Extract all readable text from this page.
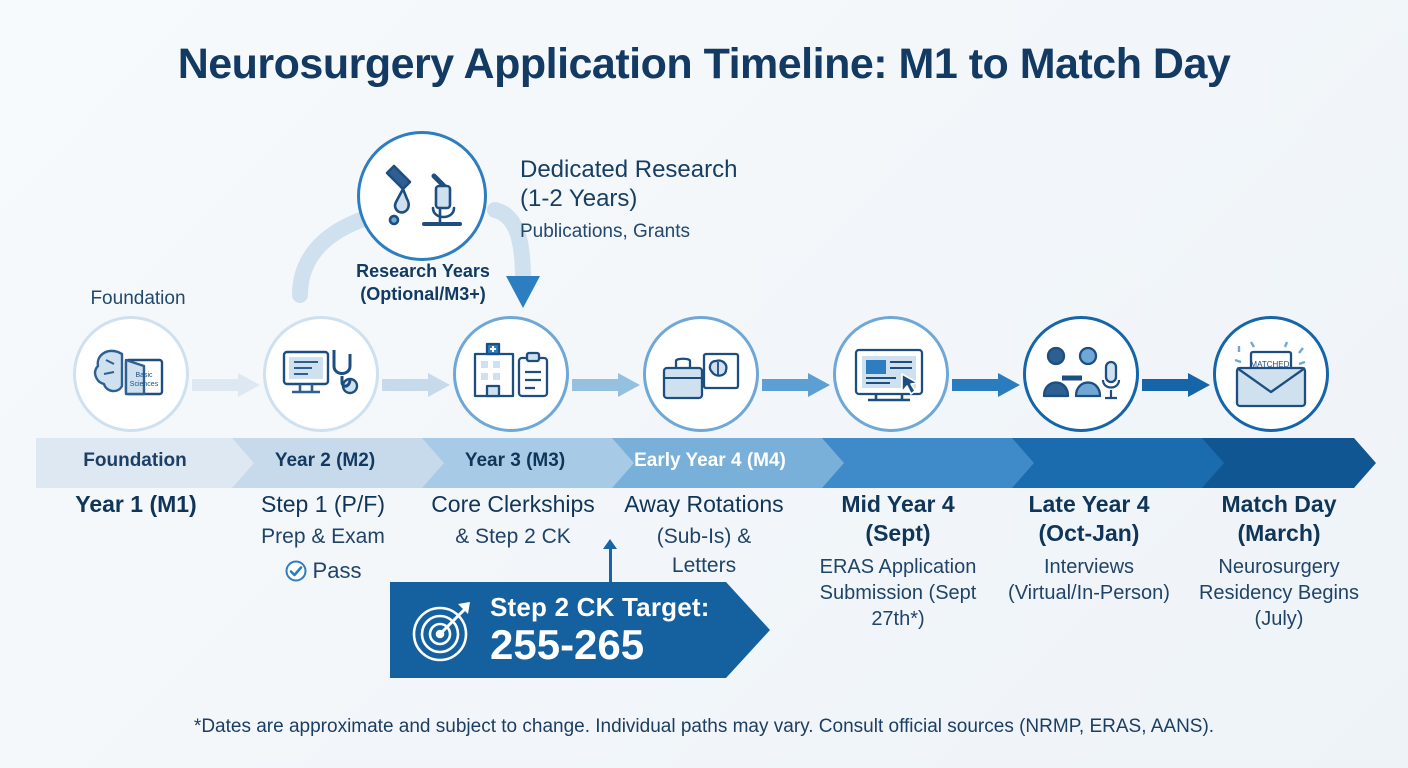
Neurosurgery Application Timeline: M1 to Match Day
Dedicated Research
(1-2 Years)
Publications, Grants
Research Years
(Optional/M3+)
Foundation
Basic
Sciences
MATCHED!
Foundation	Year 2 (M2)	Year 3 (M3)	Early Year 4 (M4)
Year 1 (M1)	Step 1 (P/F)
Prep & Exam
Pass
Core Clerkships
& Step 2 CK
Away Rotations
(Sub-Is) &
Letters
Mid Year 4
(Sept)
ERAS Application Submission (Sept 27th*)
Late Year 4
(Oct-Jan)
Interviews (Virtual/In-Person)
Match Day
(March)
Neurosurgery Residency Begins (July)
Step 2 CK Target:
255-265
*Dates are approximate and subject to change. Individual paths may vary. Consult official sources (NRMP, ERAS, AANS).
